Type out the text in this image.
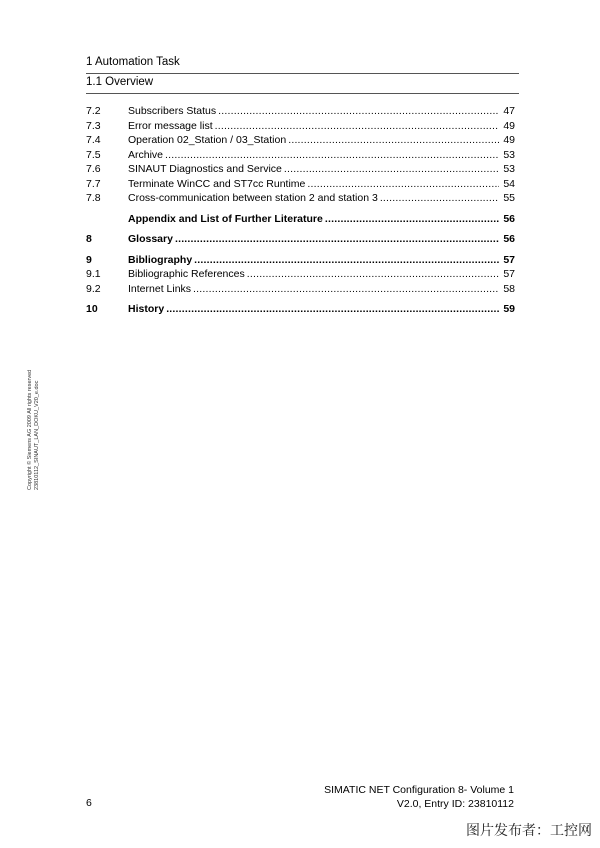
1 Automation Task
1.1 Overview
7.2	Subscribers Status .....	47
7.3	Error message list .....	49
7.4	Operation 02_Station / 03_Station .....	49
7.5	Archive .....	53
7.6	SINAUT Diagnostics and Service .....	53
7.7	Terminate WinCC and ST7cc Runtime .....	54
7.8	Cross-communication between station 2 and station 3 .....	55
Appendix and List of Further Literature .....	56
8	Glossary .....	56
9	Bibliography .....	57
9.1	Bibliographic References .....	57
9.2	Internet Links .....	58
10	History .....	59
Copyright © Siemens AG 2009 All rights reserved 23810112_SINAUT_LAN_DOKU_V20_e.doc
SIMATIC NET Configuration 8- Volume 1
V2.0, Entry ID: 23810112
6
图片发布者：工控网
